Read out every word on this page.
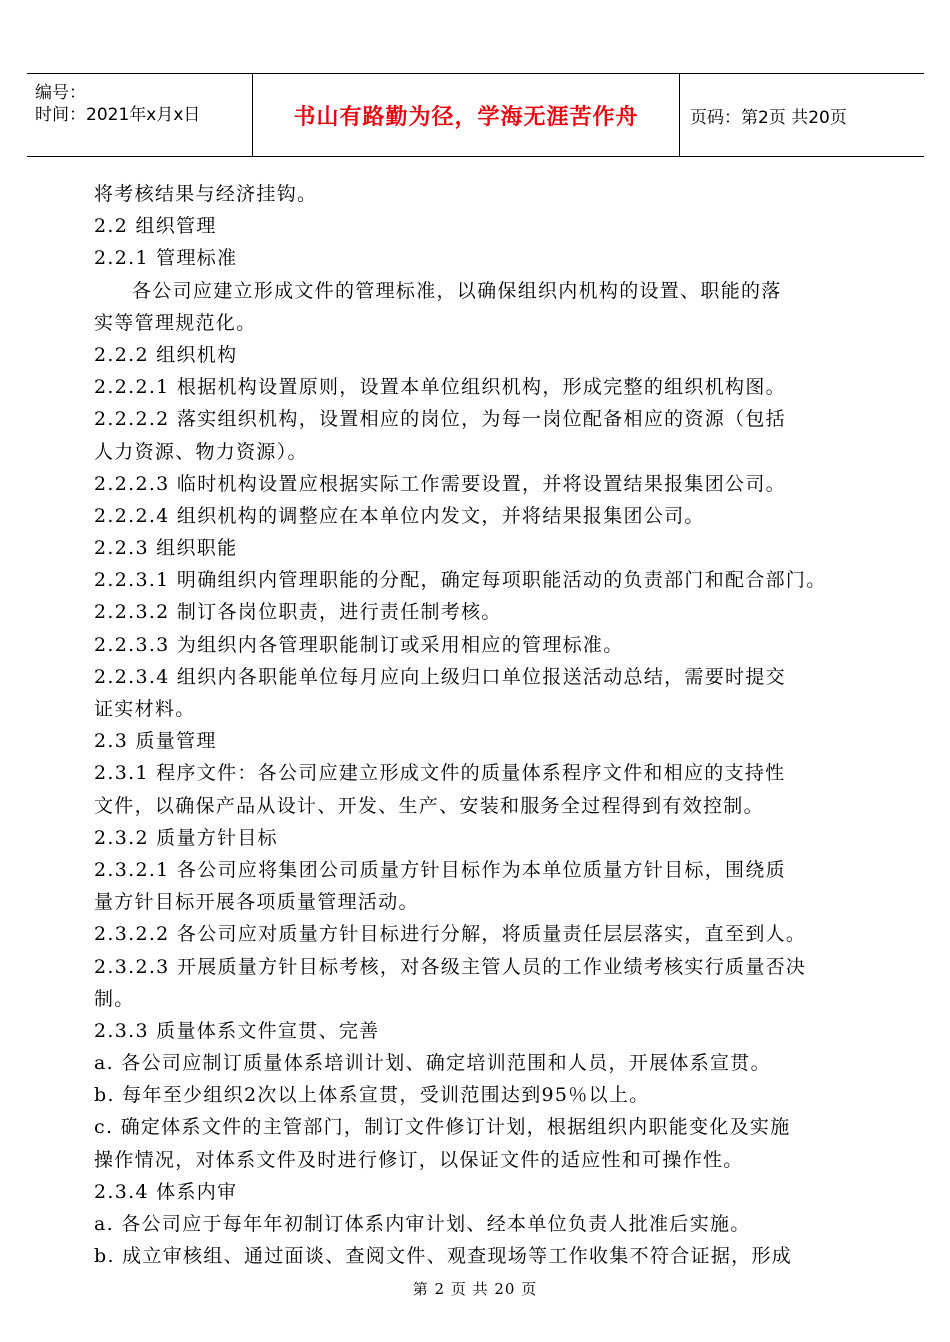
编号：
时间：2021年x月x日	书山有路勤为径，学海无涯苦作舟	页码：第2页 共20页
将考核结果与经济挂钩。
2.2 组织管理
2.2.1 管理标准
各公司应建立形成文件的管理标准，以确保组织内机构的设置、职能的落
实等管理规范化。
2.2.2 组织机构
2.2.2.1 根据机构设置原则，设置本单位组织机构，形成完整的组织机构图。
2.2.2.2 落实组织机构，设置相应的岗位，为每一岗位配备相应的资源（包括
人力资源、物力资源）。
2.2.2.3 临时机构设置应根据实际工作需要设置，并将设置结果报集团公司。
2.2.2.4 组织机构的调整应在本单位内发文，并将结果报集团公司。
2.2.3 组织职能
2.2.3.1 明确组织内管理职能的分配，确定每项职能活动的负责部门和配合部门。
2.2.3.2 制订各岗位职责，进行责任制考核。
2.2.3.3 为组织内各管理职能制订或采用相应的管理标准。
2.2.3.4 组织内各职能单位每月应向上级归口单位报送活动总结，需要时提交
证实材料。
2.3 质量管理
2.3.1 程序文件：各公司应建立形成文件的质量体系程序文件和相应的支持性
文件，以确保产品从设计、开发、生产、安装和服务全过程得到有效控制。
2.3.2 质量方针目标
2.3.2.1 各公司应将集团公司质量方针目标作为本单位质量方针目标，围绕质
量方针目标开展各项质量管理活动。
2.3.2.2 各公司应对质量方针目标进行分解，将质量责任层层落实，直至到人。
2.3.2.3 开展质量方针目标考核，对各级主管人员的工作业绩考核实行质量否决
制。
2.3.3 质量体系文件宣贯、完善
a. 各公司应制订质量体系培训计划、确定培训范围和人员，开展体系宣贯。
b. 每年至少组织2次以上体系宣贯，受训范围达到95％以上。
c. 确定体系文件的主管部门，制订文件修订计划，根据组织内职能变化及实施
操作情况，对体系文件及时进行修订，以保证文件的适应性和可操作性。
2.3.4 体系内审
a. 各公司应于每年年初制订体系内审计划、经本单位负责人批准后实施。
b. 成立审核组、通过面谈、查阅文件、观查现场等工作收集不符合证据，形成
第 2 页 共 20 页
